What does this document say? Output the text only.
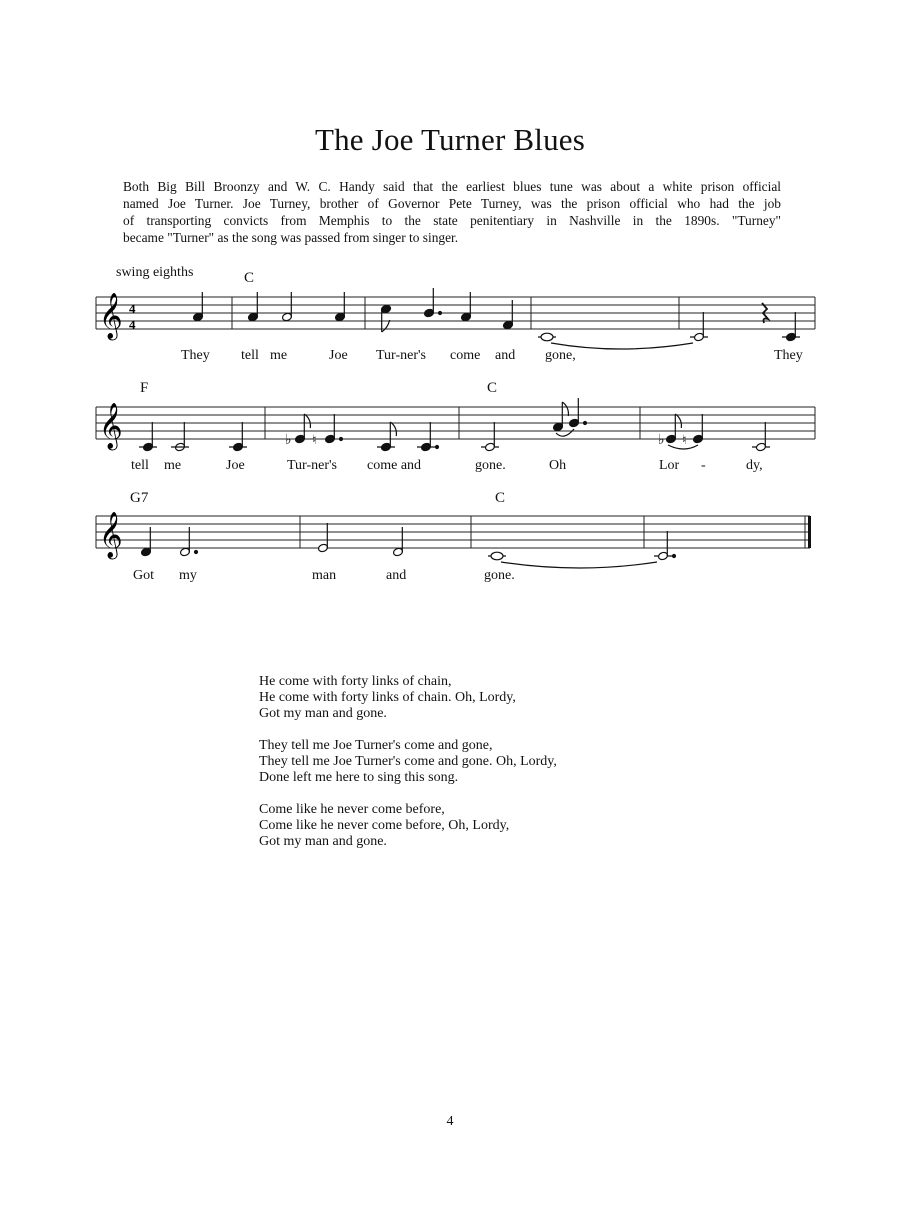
The Joe Turner Blues
Both Big Bill Broonzy and W. C. Handy said that the earliest blues tune was about a white prison official
named Joe Turner. Joe Turney, brother of Governor Pete Turney, was the prison official who had the job
of transporting convicts from Memphis to the state penitentiary in Nashville in the 1890s. "Turney"
became "Turner" as the song was passed from singer to singer.
swing eighths	C
𝄞 4
4
They tell me	Joe Tur-ner's come and gone,	They
F	C
𝄞	♭ ♮	♭ ♮
tell me	Joe	Tur-ner's come and	gone.	Oh	Lor -	dy,
G7	C
𝄞
Got my	man	and	gone.
He come with forty links of chain,
He come with forty links of chain. Oh, Lordy,
Got my man and gone.
They tell me Joe Turner's come and gone,
They tell me Joe Turner's come and gone. Oh, Lordy,
Done left me here to sing this song.
Come like he never come before,
Come like he never come before, Oh, Lordy,
Got my man and gone.
4
